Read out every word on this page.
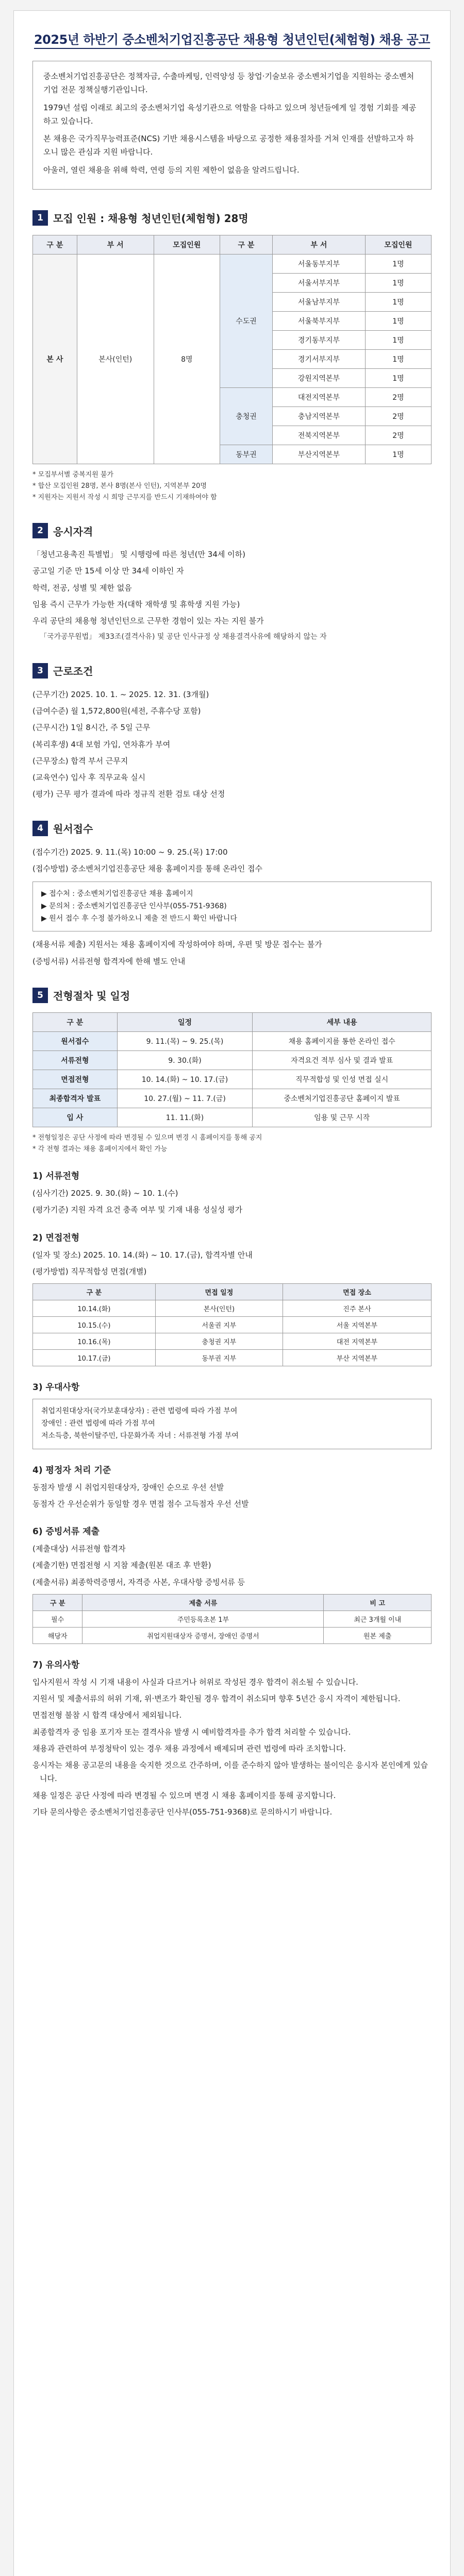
2025년 하반기 중소벤처기업진흥공단 채용형 청년인턴(체험형) 채용 공고

중소벤처기업진흥공단은 정책자금, 수출마케팅, 인력양성 등 창업·기술보유 중소벤처기업을 지원하는 중소벤처기업 전문 정책실행기관입니다.

1979년 설립 이래로 최고의 중소벤처기업 육성기관으로 역할을 다하고 있으며 청년들에게 일 경험 기회를 제공하고 있습니다.

본 채용은 국가직무능력표준(NCS) 기반 채용시스템을 바탕으로 공정한 채용절차를 거쳐 인재를 선발하고자 하오니 많은 관심과 지원 바랍니다.

아울러, 열린 채용을 위해 학력, 연령 등의 지원 제한이 없음을 알려드립니다.

1 모집 인원 : 채용형 청년인턴(체험형) 28명
구 분	부 서	모집인원	구 분	부 서	모집인원
본 사	본사(인턴)	8명	수도권	서울동부지부	1명
				서울서부지부	1명
				서울남부지부	1명
				서울북부지부	1명
				경기동부지부	1명
				경기서부지부	1명
				강원지역본부	1명
			충청권	대전지역본부	2명
				충남지역본부	2명
				전북지역본부	2명
			동부권	부산지역본부	1명
* 모집부서별 중복지원 불가
* 합산 모집인원 28명, 본사 8명(본사 인턴), 지역본부 20명
* 지원자는 지원서 작성 시 희망 근무지를 반드시 기재하여야 함
2 응시자격
「청년고용촉진 특별법」 및 시행령에 따른 청년(만 34세 이하)
공고일 기준 만 15세 이상 만 34세 이하인 자
학력, 전공, 성별 및 제한 없음
임용 즉시 근무가 가능한 자(대학 재학생 및 휴학생 지원 가능)
우리 공단의 채용형 청년인턴으로 근무한 경험이 있는 자는 지원 불가
「국가공무원법」 제33조(결격사유) 및 공단 인사규정 상 채용결격사유에 해당하지 않는 자
3 근로조건
(근무기간) 2025. 10. 1. ~ 2025. 12. 31. (3개월)
(급여수준) 월 1,572,800원(세전, 주휴수당 포함)
(근무시간) 1일 8시간, 주 5일 근무
(복리후생) 4대 보험 가입, 연차휴가 부여
(근무장소) 합격 부서 근무지
(교육연수) 입사 후 직무교육 실시
(평가) 근무 평가 결과에 따라 정규직 전환 검토 대상 선정
4 원서접수
(접수기간) 2025. 9. 11.(목) 10:00 ~ 9. 25.(목) 17:00
(접수방법) 중소벤처기업진흥공단 채용 홈페이지를 통해 온라인 접수
▶ 접수처 : 중소벤처기업진흥공단 채용 홈페이지
▶ 문의처 : 중소벤처기업진흥공단 인사부(055-751-9368)
▶ 원서 접수 후 수정 불가하오니 제출 전 반드시 확인 바랍니다
(채용서류 제출) 지원서는 채용 홈페이지에 작성하여야 하며, 우편 및 방문 접수는 불가
(증빙서류) 서류전형 합격자에 한해 별도 안내
5 전형절차 및 일정
구 분	일정	세부 내용
원서접수	9. 11.(목) ~ 9. 25.(목)	채용 홈페이지를 통한 온라인 접수
서류전형	9. 30.(화)	자격요건 적부 심사 및 결과 발표
면접전형	10. 14.(화) ~ 10. 17.(금)	직무적합성 및 인성 면접 실시
최종합격자 발표	10. 27.(월) ~ 11. 7.(금)	중소벤처기업진흥공단 홈페이지 발표
입 사	11. 11.(화)	임용 및 근무 시작
* 전형일정은 공단 사정에 따라 변경될 수 있으며 변경 시 홈페이지를 통해 공지
* 각 전형 결과는 채용 홈페이지에서 확인 가능
1) 서류전형
(심사기간) 2025. 9. 30.(화) ~ 10. 1.(수)
(평가기준) 지원 자격 요건 충족 여부 및 기재 내용 성실성 평가
2) 면접전형
(일자 및 장소) 2025. 10. 14.(화) ~ 10. 17.(금), 합격자별 안내
(평가방법) 직무적합성 면접(개별)
구 분	면접 일정	면접 장소
10.14.(화)	본사(인턴)	진주 본사
10.15.(수)	서울권 지부	서울 지역본부
10.16.(목)	충청권 지부	대전 지역본부
10.17.(금)	동부권 지부	부산 지역본부
3) 우대사항
취업지원대상자(국가보훈대상자) : 관련 법령에 따라 가점 부여
장애인 : 관련 법령에 따라 가점 부여
저소득층, 북한이탈주민, 다문화가족 자녀 : 서류전형 가점 부여
4) 평정자 처리 기준
동점자 발생 시 취업지원대상자, 장애인 순으로 우선 선발
동점자 간 우선순위가 동일할 경우 면접 점수 고득점자 우선 선발
6) 증빙서류 제출
(제출대상) 서류전형 합격자
(제출기한) 면접전형 시 지참 제출(원본 대조 후 반환)
(제출서류) 최종학력증명서, 자격증 사본, 우대사항 증빙서류 등
구 분	제출 서류	비 고
필수	주민등록초본 1부	최근 3개월 이내
해당자	취업지원대상자 증명서, 장애인 증명서	원본 제출
7) 유의사항
입사지원서 작성 시 기재 내용이 사실과 다르거나 허위로 작성된 경우 합격이 취소될 수 있습니다.
지원서 및 제출서류의 허위 기재, 위·변조가 확인될 경우 합격이 취소되며 향후 5년간 응시 자격이 제한됩니다.
면접전형 불참 시 합격 대상에서 제외됩니다.
최종합격자 중 임용 포기자 또는 결격사유 발생 시 예비합격자를 추가 합격 처리할 수 있습니다.
채용과 관련하여 부정청탁이 있는 경우 채용 과정에서 배제되며 관련 법령에 따라 조치합니다.
응시자는 채용 공고문의 내용을 숙지한 것으로 간주하며, 이를 준수하지 않아 발생하는 불이익은 응시자 본인에게 있습니다.
채용 일정은 공단 사정에 따라 변경될 수 있으며 변경 시 채용 홈페이지를 통해 공지합니다.
기타 문의사항은 중소벤처기업진흥공단 인사부(055-751-9368)로 문의하시기 바랍니다.
